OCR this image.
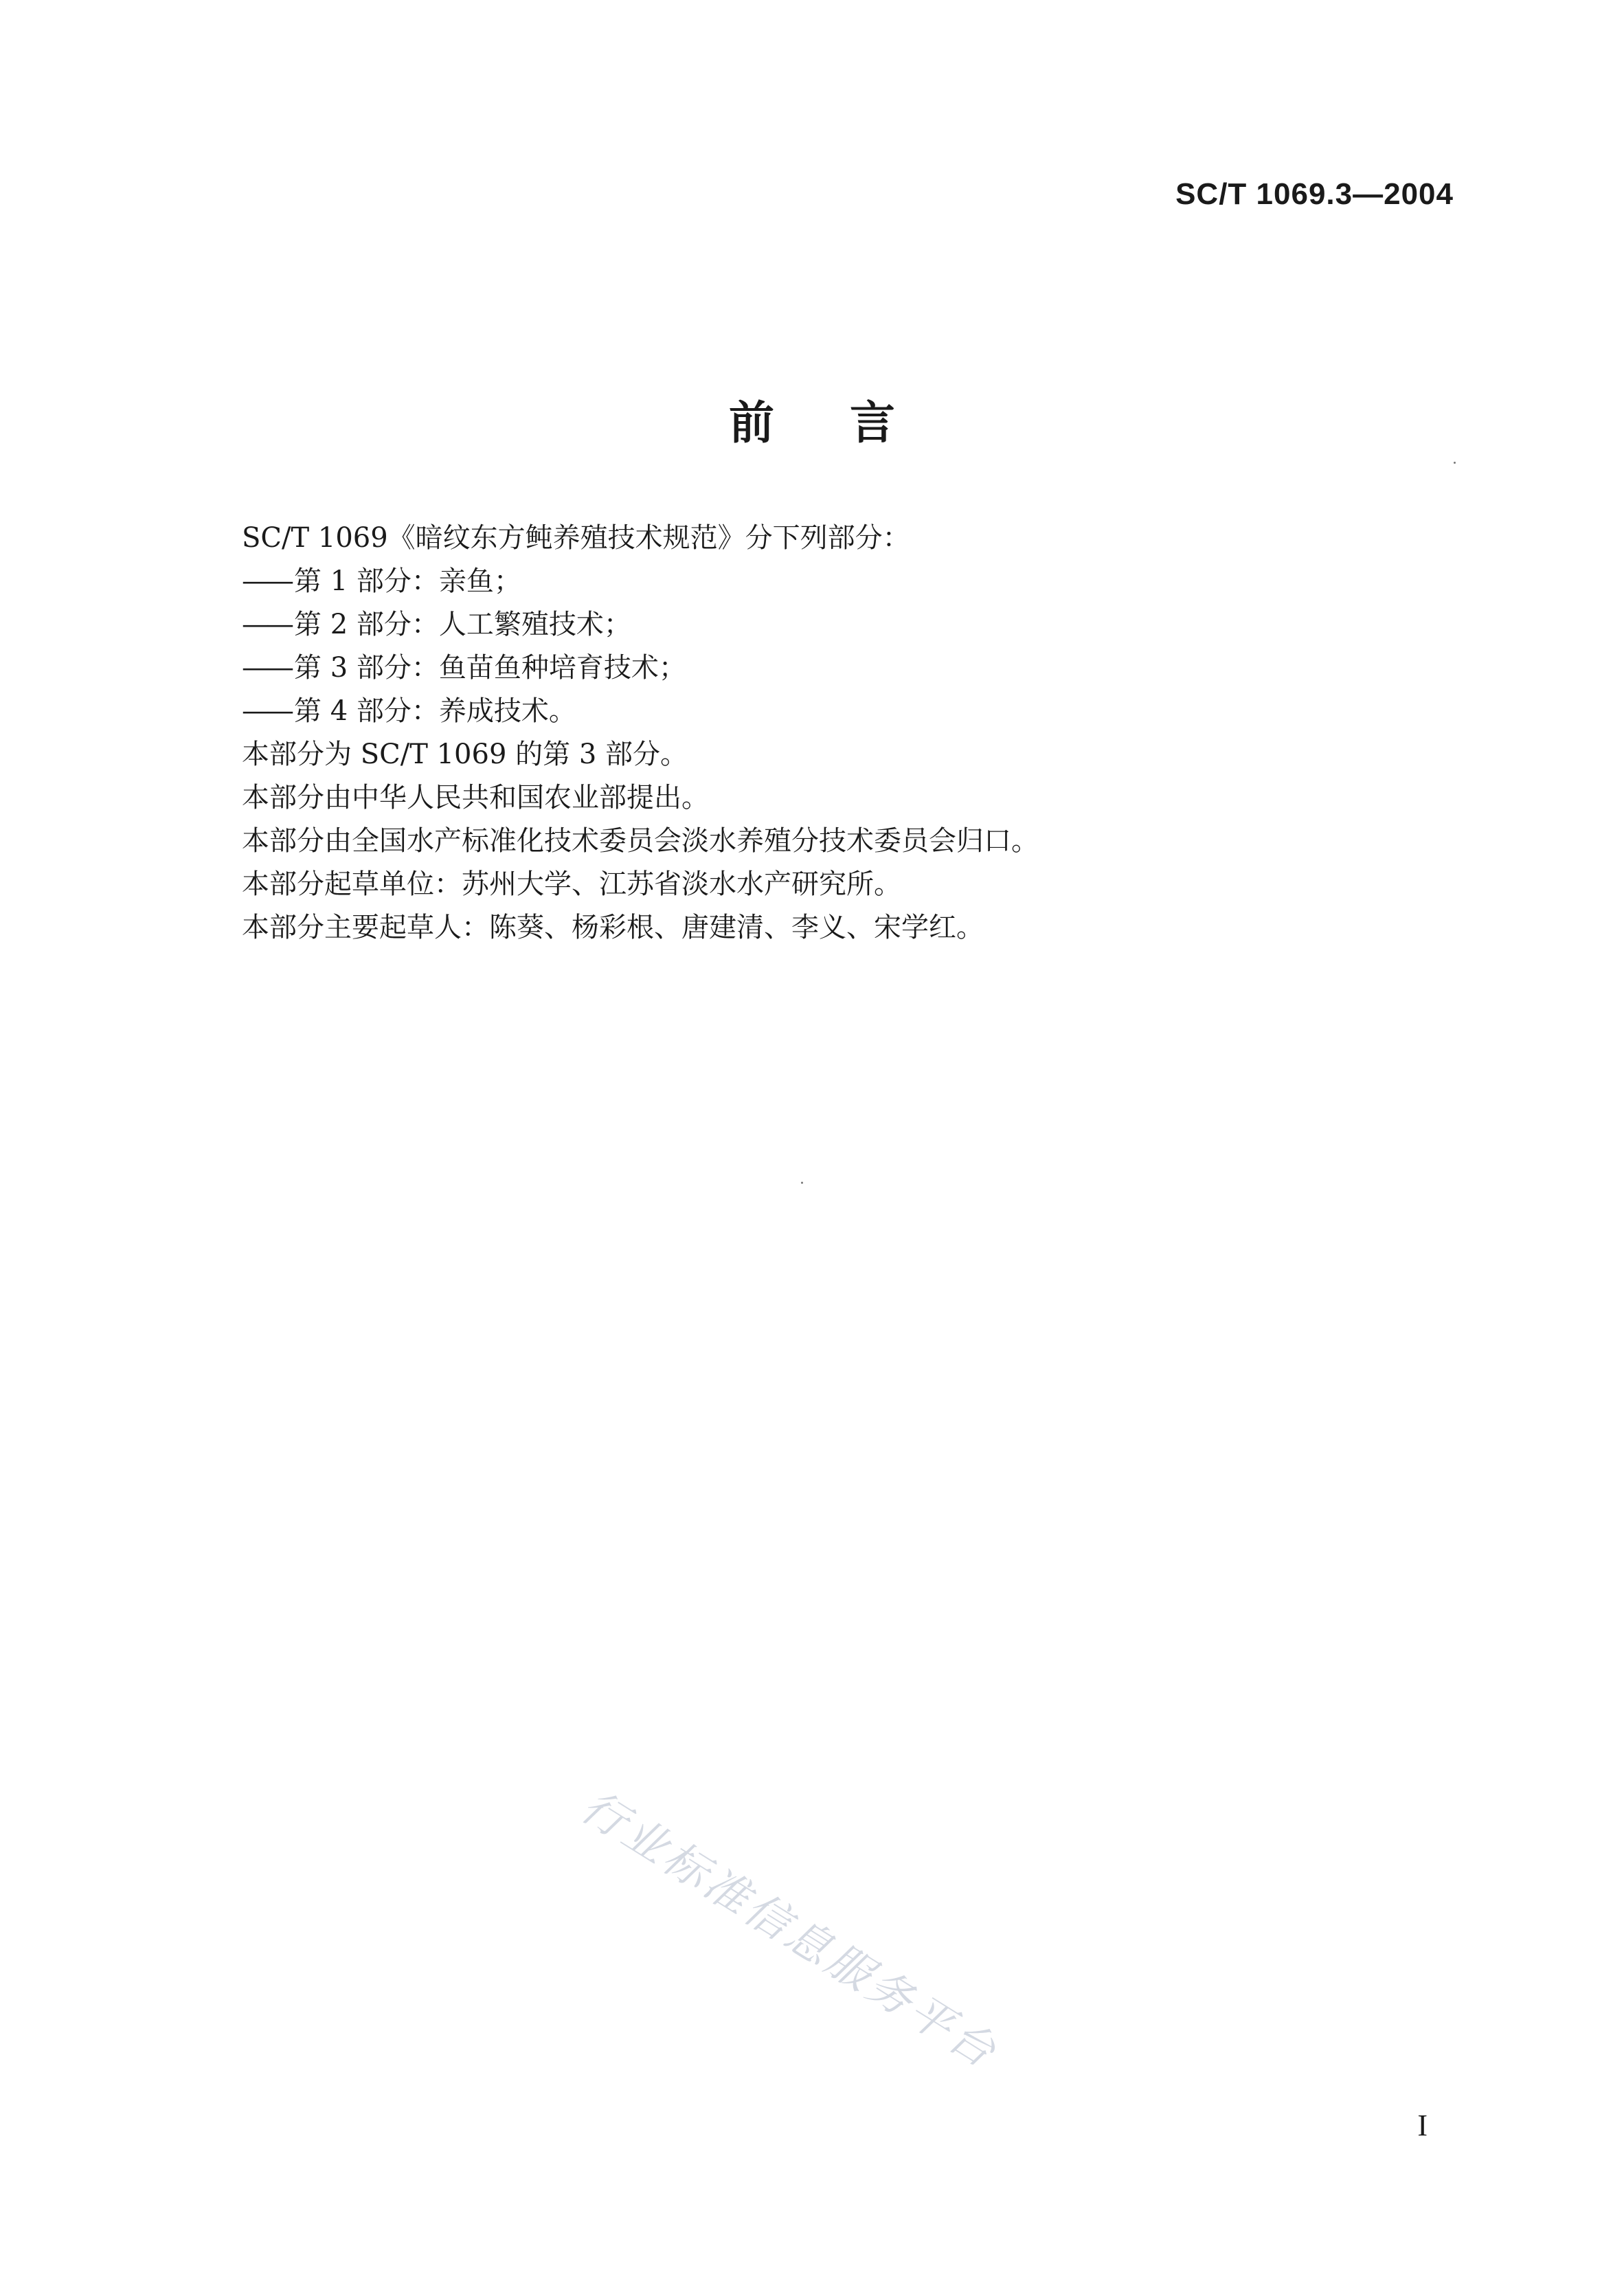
SC/T 1069.3—2004
前言
SC/T 1069《暗纹东方鲀养殖技术规范》分下列部分：
—— 第 1 部分：亲鱼；
—— 第 2 部分：人工繁殖技术；
—— 第 3 部分：鱼苗鱼种培育技术；
—— 第 4 部分：养成技术。
本部分为 SC/T 1069 的第 3 部分。
本部分由中华人民共和国农业部提出。
本部分由全国水产标准化技术委员会淡水养殖分技术委员会归口。
本部分起草单位：苏州大学、江苏省淡水水产研究所。
本部分主要起草人：陈葵、杨彩根、唐建清、李义、宋学红。
行业标准信息服务平台
I
